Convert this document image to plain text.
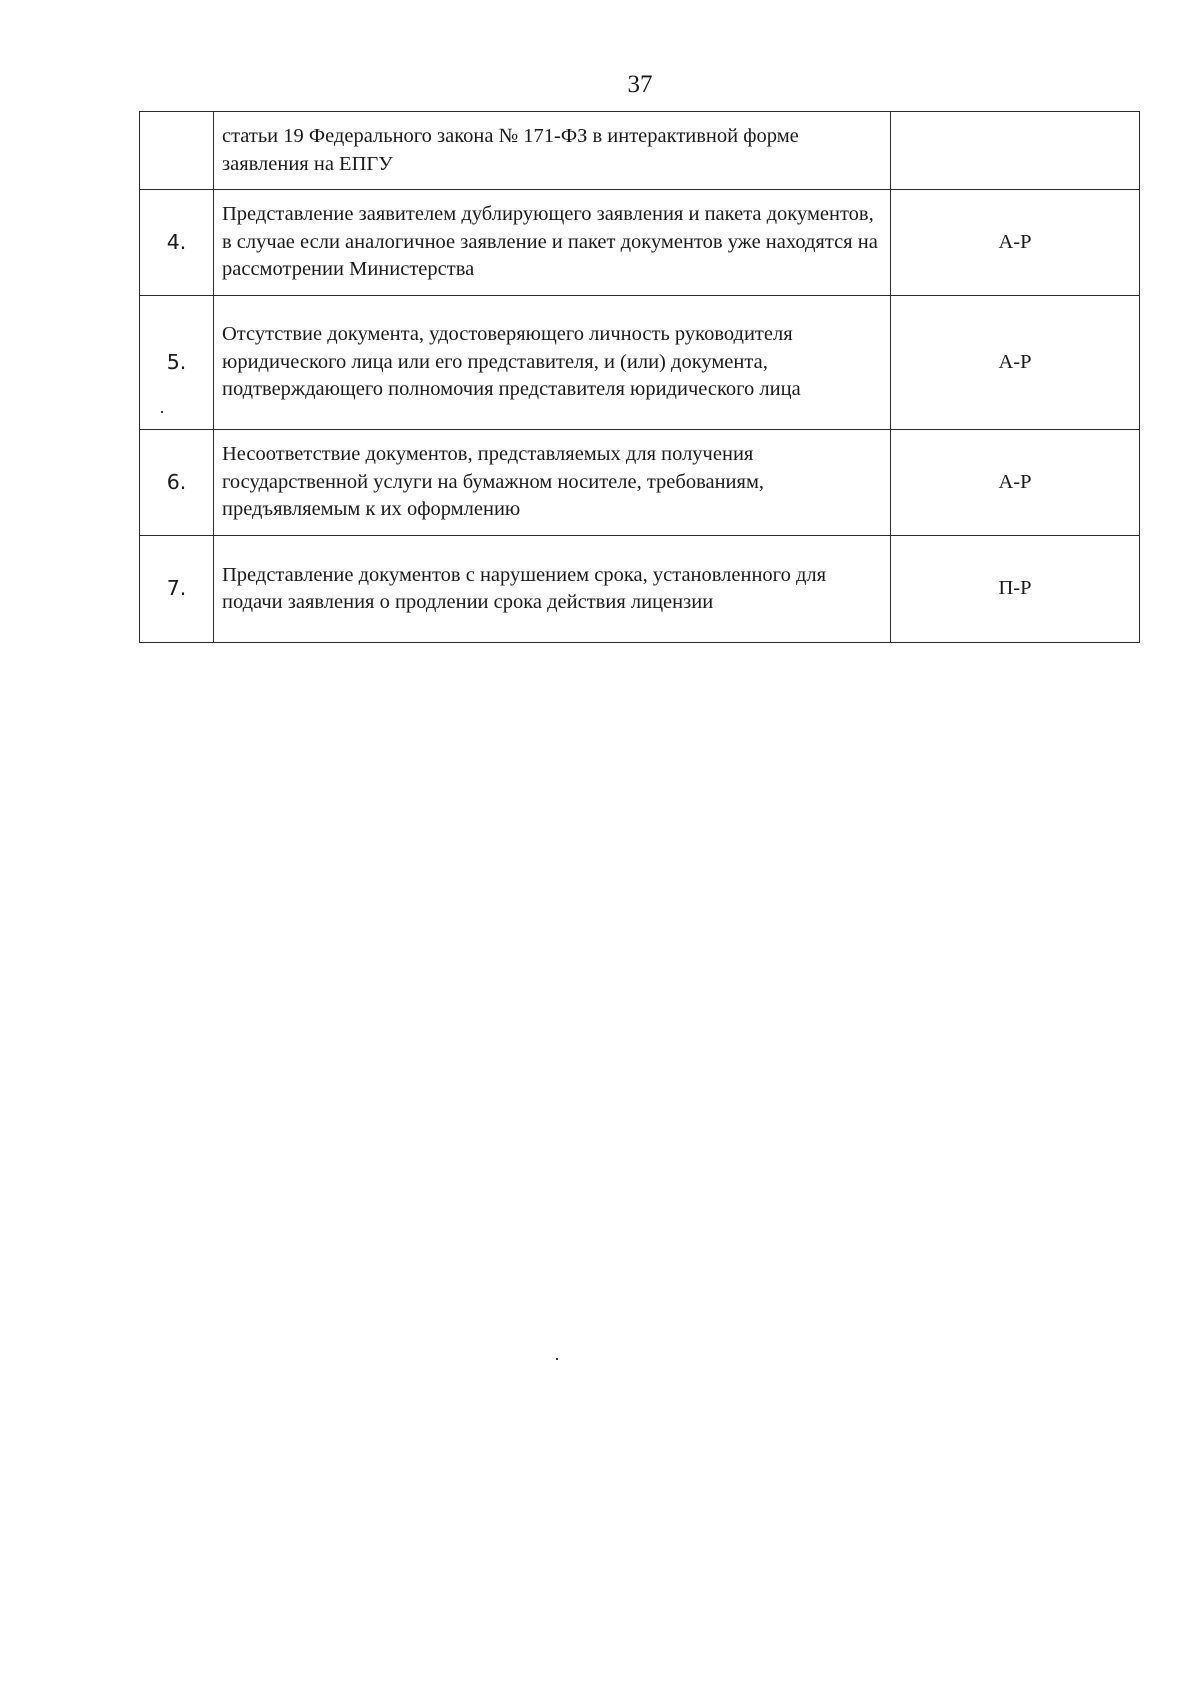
37
	статьи 19 Федерального закона № 171-ФЗ в интерактивной форме заявления на ЕПГУ	
4.	Представление заявителем дублирующего заявления и пакета документов, в случае если аналогичное заявление и пакет документов уже находятся на рассмотрении Министерства	А-Р
5.	Отсутствие документа, удостоверяющего личность руководителя юридического лица или его представителя, и (или) документа, подтверждающего полномочия представителя юридического лица	А-Р
6.	Несоответствие документов, представляемых для получения государственной услуги на бумажном носителе, требованиям, предъявляемым к их оформлению	А-Р
7.	Представление документов с нарушением срока, установленного для подачи заявления о продлении срока действия лицензии	П-Р
